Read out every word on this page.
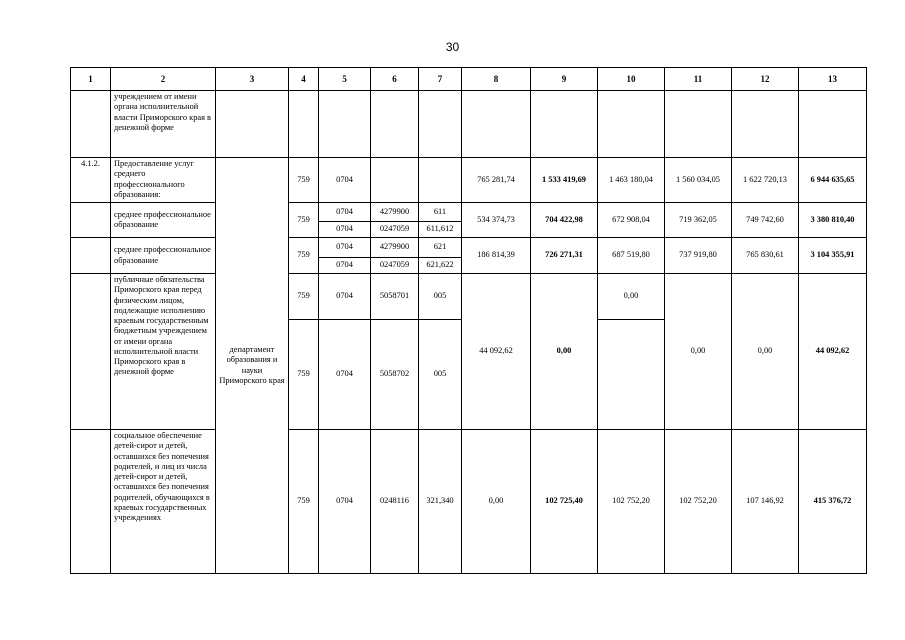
30
1	2	3	4	5	6	7	8	9	10	11	12	13
	учреждением от имени органа исполнительной власти Приморского края в денежной форме											
4.1.2.	Предоставление услуг среднего профессионального образования:	департамент образования и науки Приморского края	759	0704			765 281,74	1 533 419,69	1 463 180,04	1 560 034,05	1 622 720,13	6 944 635,65
	среднее профессиональное образование		759	0704	4279900	611	534 374,73	704 422,98	672 908,04	719 362,05	749 742,60	3 380 810,40
				0704	0247059	611,612						
	среднее профессиональное образование		759	0704	4279900	621	186 814,39	726 271,31	687 519,80	737 919,80	765 830,61	3 104 355,91
				0704	0247059	621,622						
	публичные обязательства Приморского края перед физическим лицом, подлежащие исполнению краевым государственным бюджетным учреждением от имени органа исполнительной власти Приморского края в денежной форме		759	0704	5058701	005	44 092,62	0,00	0,00	0,00	0,00	44 092,62
			759	0704	5058702	005						
	социальное обеспечение детей-сирот и детей, оставшихся без попечения родителей, и лиц из числа детей-сирот и детей, оставшихся без попечения родителей, обучающихся в краевых государственных учреждениях		759	0704	0248116	321,340	0,00	102 725,40	102 752,20	102 752,20	107 146,92	415 376,72
